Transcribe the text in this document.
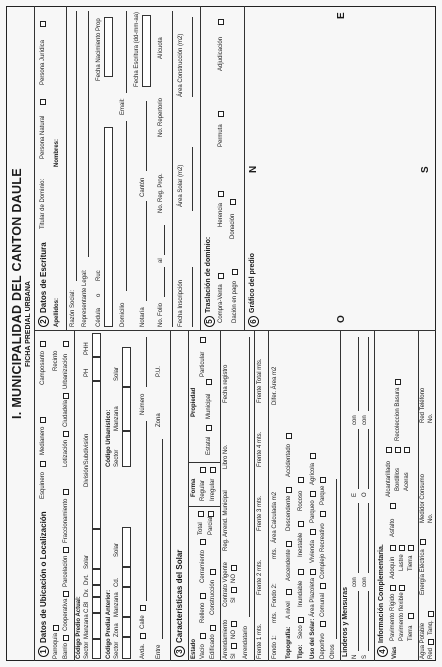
I. MUNICIPALIDAD DEL CANTON DAULE FICHA PREDIAL URBANA
1
Datos de Ubicación o Localización
Esquinero
Medianero
Camposanto
Parroquia Barrio
Cooperativa
Parcelación
Fraccionamiento
Lotización
Ciudadela
Urbanización
Recinto
Código Predio Actual: Sector
Manzana
C.Bl
Dv.
Dvt.
Solar
División/Subdivisión
PH
PHH
Código Predial Anterior: Sector
Zona
Manzana
Cd.
Solar
Código Urbanístico: Sector
Manzana
Solar
Avda.
Calle
Número
Entre
Zona
P.U.
3
Características del Solar
Estado Vacío Edificado
Relleno Construcción
Cerramiento
Total Parcial
Forma Regular Irregular
Propiedad
Particular
Estatal
Municipal
Arrendamiento SI
NO
Contrato Vigente SI
NO
Reg. Arrend. Municipal
Libro No.
Fecha registro
Arrendatario Frente 1 mts.
Frente 2 mts.
Frente 3 mts.
Frente 4 mts.
Frente Total mts.
Fondo 1:
mts.
Fondo 2:
mts.
Área Calculada m2
Difer. Área m2
Topografía:
A nivel
Ascendente
Descendente
Accidentado
Tipo:
Seco
Inundable
Inestable
Rocoso
Uso del Solar:
Área Plazoleta
Vivienda
Parqueo
Agrícola
Deportivo
Comunal
Complejo Recreativo
Parque
Otros Linderos y Mensuras N
con
E
con
S
con
O
con
4
Información Complementaria.
Vías
Pavimento Rígido Pavimento flexible Tierra
Adoquín Lastre Tierra
Asfalto
Alcantarillado Bordillos Aceras
Recoleccion Basura
Agua Potable Red
Tanq.
Energía Eléctrica
Medidor Consumo No.
Red Teléfono No.
2
Datos de Escritura
Titular de Dominio:
Persona Natural
Persona Jurídica
Apellidos:
Nombres:
Razón Social: Representante Legal: Cédula
o
Ruc
Fecha Nacimiento Prop
Domicilio
Email:
Notaría
Cantón
Fecha Escritura (dd-mm-aa)
No. Folio
al
No. Reg. Prop.
No. Repertorio
Alícuota
Fecha Inscripción
Área Solar (m2)
Área Construcción (m2)
5
Traslación de dominio: Compra-Venta
Herencia
Permuta
Adjudicación
Donación
Dación en pago 6
Gráfico del predio
N	S
O
E
